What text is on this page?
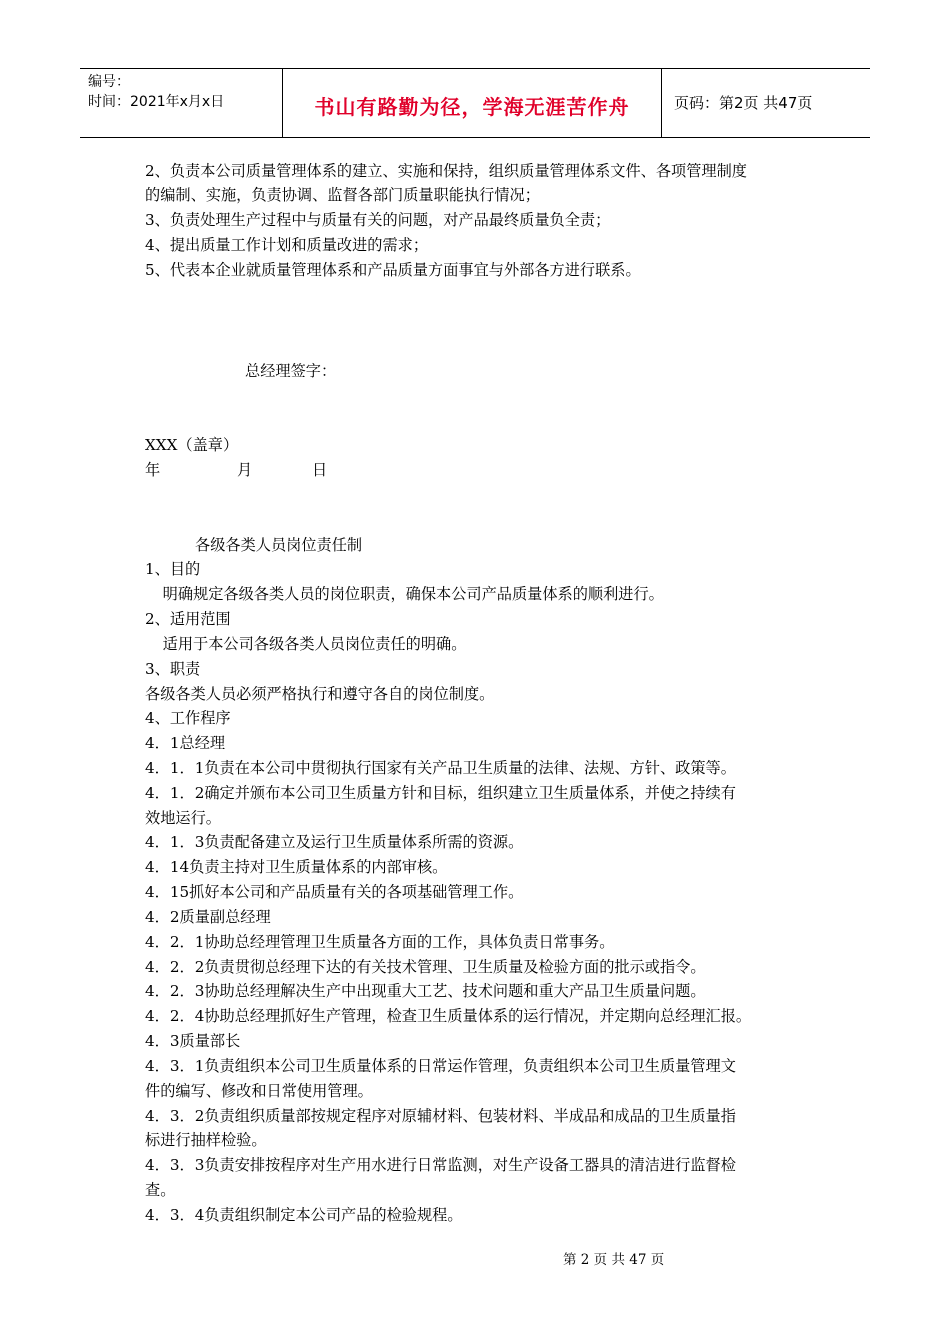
编号：
时间：2021年x月x日	书山有路勤为径，学海无涯苦作舟	页码：第2页 共47页
2、负责本公司质量管理体系的建立、实施和保持，组织质量管理体系文件、各项管理制度
的编制、实施，负责协调、监督各部门质量职能执行情况；
3、负责处理生产过程中与质量有关的问题，对产品最终质量负全责；
4、提出质量工作计划和质量改进的需求；
5、代表本企业就质量管理体系和产品质量方面事宜与外部各方进行联系。
总经理签字：
XXX（盖章）
年	月	日
各级各类人员岗位责任制
1、目的
明确规定各级各类人员的岗位职责，确保本公司产品质量体系的顺利进行。
2、适用范围
适用于本公司各级各类人员岗位责任的明确。
3、职责
各级各类人员必须严格执行和遵守各自的岗位制度。
4、工作程序
4．1总经理
4．1．1负责在本公司中贯彻执行国家有关产品卫生质量的法律、法规、方针、政策等。
4．1．2确定并颁布本公司卫生质量方针和目标，组织建立卫生质量体系，并使之持续有
效地运行。
4．1．3负责配备建立及运行卫生质量体系所需的资源。
4．14负责主持对卫生质量体系的内部审核。
4．15抓好本公司和产品质量有关的各项基础管理工作。
4．2质量副总经理
4．2．1协助总经理管理卫生质量各方面的工作，具体负责日常事务。
4．2．2负责贯彻总经理下达的有关技术管理、卫生质量及检验方面的批示或指令。
4．2．3协助总经理解决生产中出现重大工艺、技术问题和重大产品卫生质量问题。
4．2．4协助总经理抓好生产管理，检查卫生质量体系的运行情况，并定期向总经理汇报。
4．3质量部长
4．3．1负责组织本公司卫生质量体系的日常运作管理，负责组织本公司卫生质量管理文
件的编写、修改和日常使用管理。
4．3．2负责组织质量部按规定程序对原辅材料、包装材料、半成品和成品的卫生质量指
标进行抽样检验。
4．3．3负责安排按程序对生产用水进行日常监测，对生产设备工器具的清洁进行监督检
查。
4．3．4负责组织制定本公司产品的检验规程。
第 2 页 共 47 页
